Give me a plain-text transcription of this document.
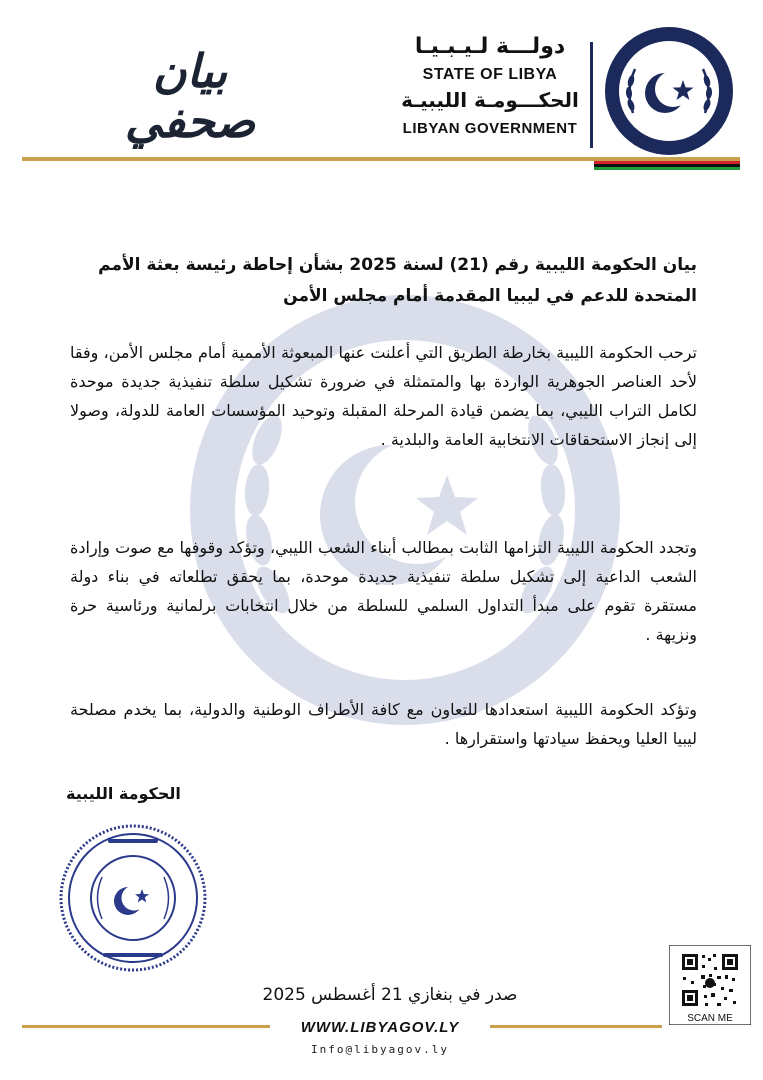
بيان
صحفي
دولـــة لـيـبـيـا
STATE OF LIBYA
الحكـــومـة الليبيـة
LIBYAN GOVERNMENT
بيان الحكومة الليبية رقم (21) لسنة 2025 بشأن إحاطة رئيسة بعثة الأمم المتحدة للدعم في ليبيا المقدمة أمام مجلس الأمن
ترحب الحكومة الليبية بخارطة الطريق التي أعلنت عنها المبعوثة الأممية أمام مجلس الأمن، وفقا لأحد العناصر الجوهرية الواردة بها والمتمثلة في ضرورة تشكيل سلطة تنفيذية جديدة موحدة لكامل التراب الليبي، بما يضمن قيادة المرحلة المقبلة وتوحيد المؤسسات العامة للدولة، وصولا إلى إنجاز الاستحقاقات الانتخابية العامة والبلدية .
وتجدد الحكومة الليبية التزامها الثابت بمطالب أبناء الشعب الليبي، وتؤكد وقوفها مع صوت وإرادة الشعب الداعية إلى تشكيل سلطة تنفيذية جديدة موحدة، بما يحقق تطلعاته في بناء دولة مستقرة تقوم على مبدأ التداول السلمي للسلطة من خلال انتخابات برلمانية ورئاسية حرة ونزيهة .
وتؤكد الحكومة الليبية استعدادها للتعاون مع كافة الأطراف الوطنية والدولية، بما يخدم مصلحة ليبيا العليا ويحفظ سيادتها واستقرارها .
الحكومة الليبية
صدر في بنغازي 21 أغسطس 2025
SCAN ME
WWW.LIBYAGOV.LY
Info@libyagov.ly
